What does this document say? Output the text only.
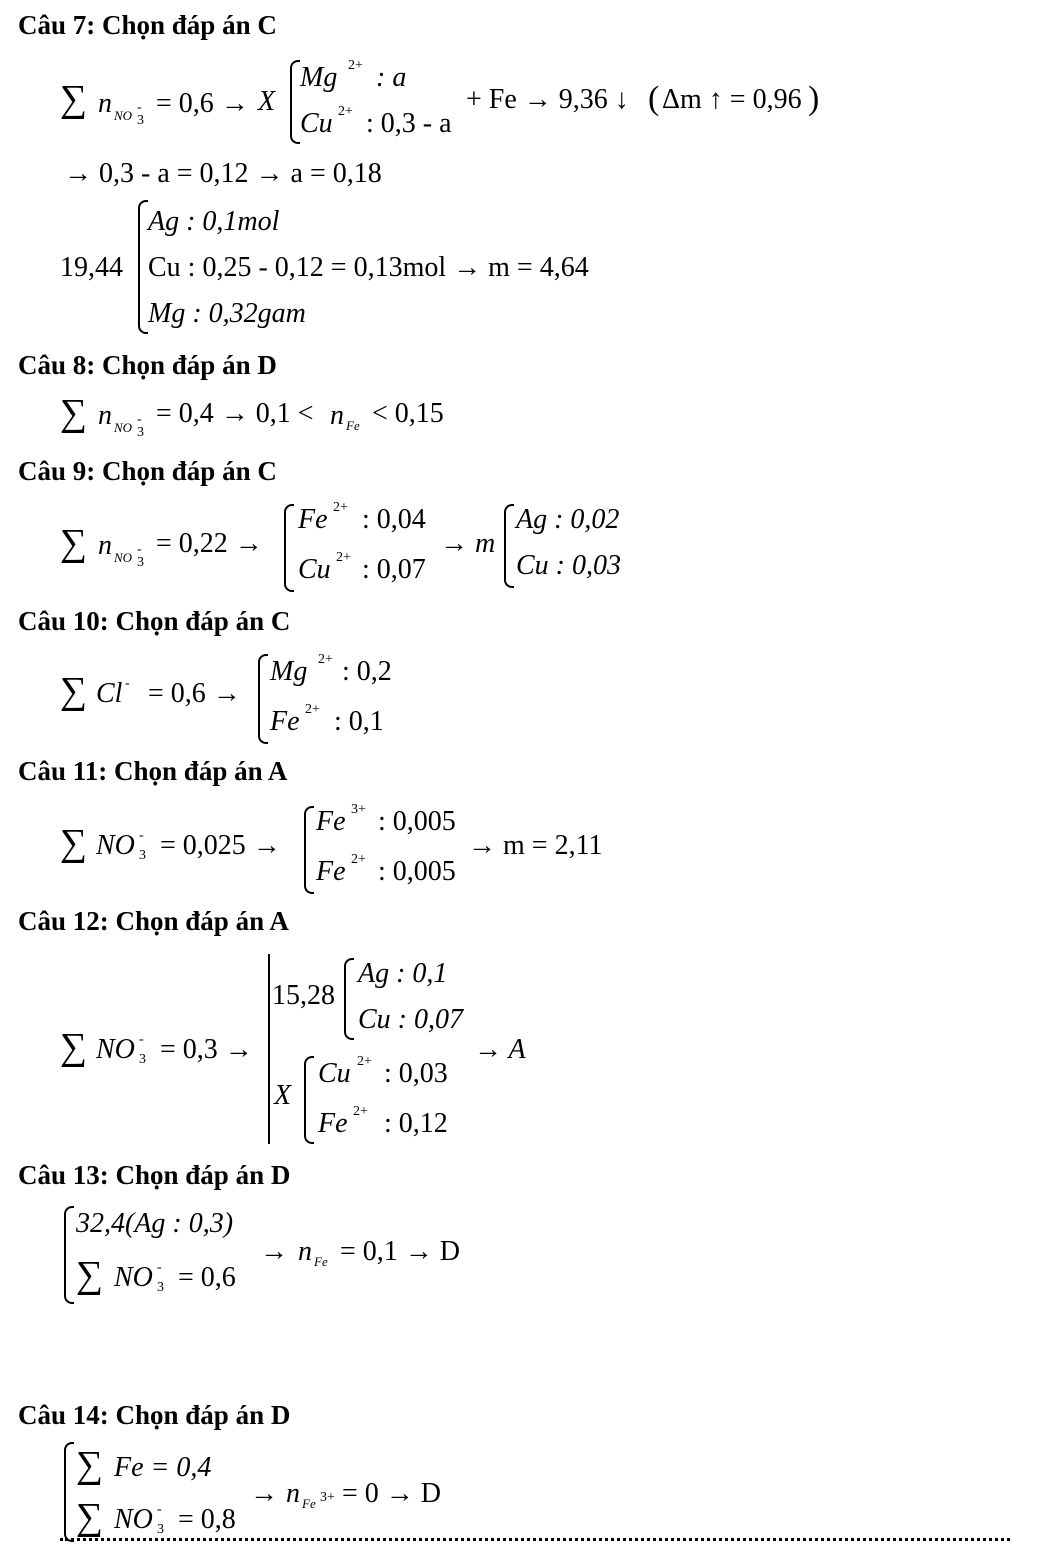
Câu 7: Chọn đáp án C
∑ n NO 3
- = 0,6 → X
Mg 2+ : a
Cu 2+ : 0,3 - a
+ Fe → 9,36 ↓ ( Δm ↑ = 0,96 )
→ 0,3 - a = 0,12 → a = 0,18
19,44
Ag : 0,1mol
Cu : 0,25 - 0,12 = 0,13mol → m = 4,64
Mg : 0,32gam
Câu 8: Chọn đáp án D
∑ n NO 3
- = 0,4 → 0,1 < n Fe < 0,15
Câu 9: Chọn đáp án C
∑ n NO 3
- = 0,22 →
Fe 2+ : 0,04
Cu 2+ : 0,07
→ m
Ag : 0,02
Cu : 0,03
Câu 10: Chọn đáp án C
∑ Cl - = 0,6 →
Mg 2+ : 0,2
Fe 2+ : 0,1
Câu 11: Chọn đáp án A
∑ NO 3
- = 0,025 →
Fe 3+ : 0,005
Fe 2+ : 0,005
→ m = 2,11
Câu 12: Chọn đáp án A
∑ NO 3
- = 0,3 →
15,28
Ag : 0,1
Cu : 0,07
X
Cu 2+ : 0,03
Fe 2+ : 0,12
→ A
Câu 13: Chọn đáp án D
32,4(Ag : 0,3)
∑ NO 3
- = 0,6
→ n Fe = 0,1 → D
Câu 14: Chọn đáp án D
∑ Fe = 0,4
∑ NO 3
- = 0,8
→ n Fe 3+ = 0 → D
